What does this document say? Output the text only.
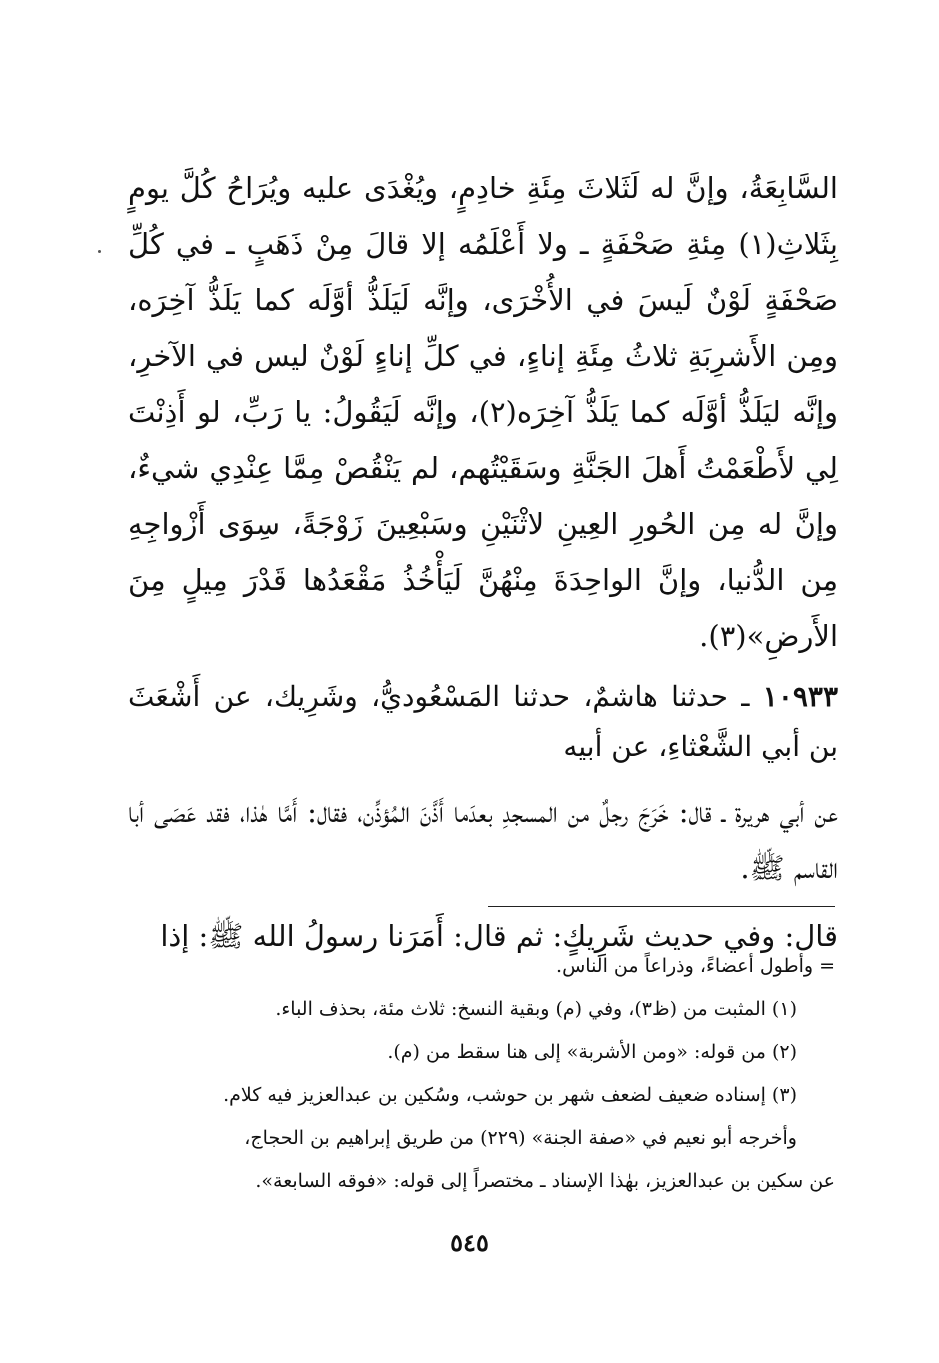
السَّابِعَةُ، وإنَّ له لَثَلاثَ مِئَةِ خادِمٍ، ويُغْدَى عليه ويُرَاحُ كُلَّ يومٍ بِثَلاثِ(١) مِئةِ صَحْفَةٍ ـ ولا أَعْلَمُه إلا قالَ مِنْ ذَهَبٍ ـ في كُلِّ صَحْفَةٍ لَوْنٌ لَيسَ في الأُخْرَى، وإنَّه لَيَلَذُّ أوَّلَه كما يَلَذُّ آخِرَه، ومِن الأَشرِبَةِ ثلاثُ مِئَةِ إناءٍ، في كلِّ إناءٍ لَوْنٌ ليس في الآخرِ، وإنَّه ليَلَذُّ أوَّلَه كما يَلَذُّ آخِرَه(٢)، وإنَّه لَيَقُولُ: يا رَبِّ، لو أَذِنْتَ لِي لأَطْعَمْتُ أَهلَ الجَنَّةِ وسَقَيْتُهم، لم يَنْقُصْ مِمَّا عِنْدِي شيءٌ، وإنَّ له مِن الحُورِ العِينِ لاثْنَيْنِ وسَبْعِينَ زَوْجَةً، سِوَى أَزْواجِهِ مِن الدُّنيا، وإنَّ الواحِدَةَ مِنْهُنَّ لَيَأْخُذُ مَقْعَدُها قَدْرَ مِيلٍ مِنَ الأَرضِ»(٣).

١٠٩٣٣ ـ حدثنا هاشمٌ، حدثنا المَسْعُوديُّ، وشَرِيك، عن أَشْعَثَ بن أبي الشَّعْثاءِ، عن أبيه

عن أبي هريرة ـ قال: خَرَجَ رجلٌ من المسجدِ بعدَما أَذَّنَ المُؤذِّن، فقال: أَمَّا هٰذا، فقد عَصَى أبا القاسم ﷺ.

قال: وفي حديث شَرِيكٍ: ثم قال: أَمَرَنا رسولُ الله ﷺ: إذا

= وأطول أعضاءً، وذراعاً من الناس.

(١) المثبت من (ظ٣)، وفي (م) وبقية النسخ: ثلاث مئة، بحذف الباء.

(٢) من قوله: «ومن الأشربة» إلى هنا سقط من (م).

(٣) إسناده ضعيف لضعف شهر بن حوشب، وسُكين بن عبدالعزيز فيه كلام.

وأخرجه أبو نعيم في «صفة الجنة» (٢٢٩) من طريق إبراهيم بن الحجاج،

عن سكين بن عبدالعزيز، بهٰذا الإسناد ـ مختصراً إلى قوله: «فوقه السابعة».

٥٤٥
